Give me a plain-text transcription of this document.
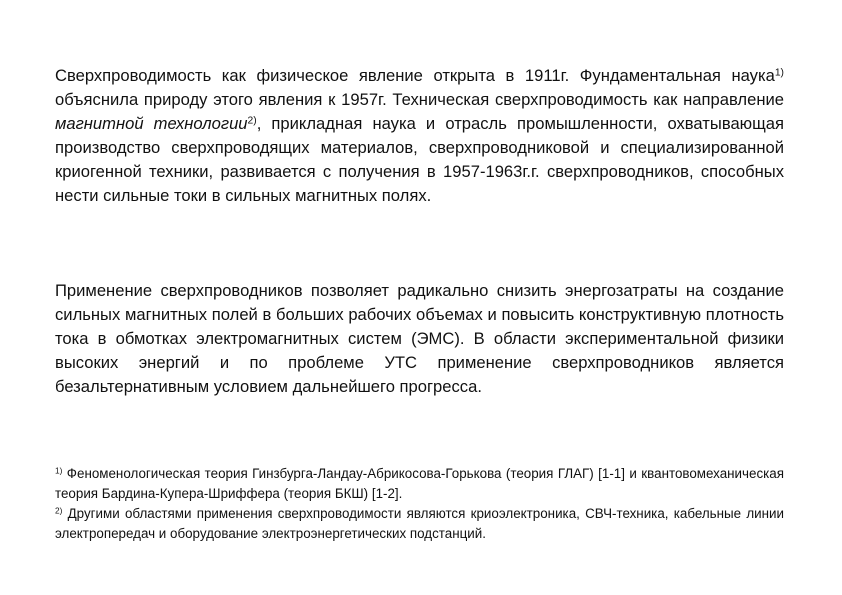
Сверхпроводимость как физическое явление открыта в 1911г. Фундаментальная наука$^{1)}$ объяснила природу этого явления к 1957г. Техническая сверхпроводимость как направление магнитной технологии$^{2)}$, прикладная наука и отрасль промышленности, охватывающая производство сверхпроводящих материалов, сверхпроводниковой и специализированной криогенной техники, развивается с получения в 1957-1963г.г. сверхпроводников, способных нести сильные токи в сильных магнитных полях.

Применение сверхпроводников позволяет радикально снизить энергозатраты на создание сильных магнитных полей в больших рабочих объемах и повысить конструктивную плотность тока в обмотках электромагнитных систем (ЭМС). В области экспериментальной физики высоких энергий и по проблеме УТС применение сверхпроводников является безальтернативным условием дальнейшего прогресса.

$^{1)}$ Феноменологическая теория Гинзбурга-Ландау-Абрикосова-Горькова (теория ГЛАГ) [1-1] и квантовомеханическая теория Бардина-Купера-Шриффера (теория БКШ) [1-2].
$^{2)}$ Другими областями применения сверхпроводимости являются криоэлектроника, СВЧ-техника, кабельные линии электропередач и оборудование электроэнергетических подстанций.
